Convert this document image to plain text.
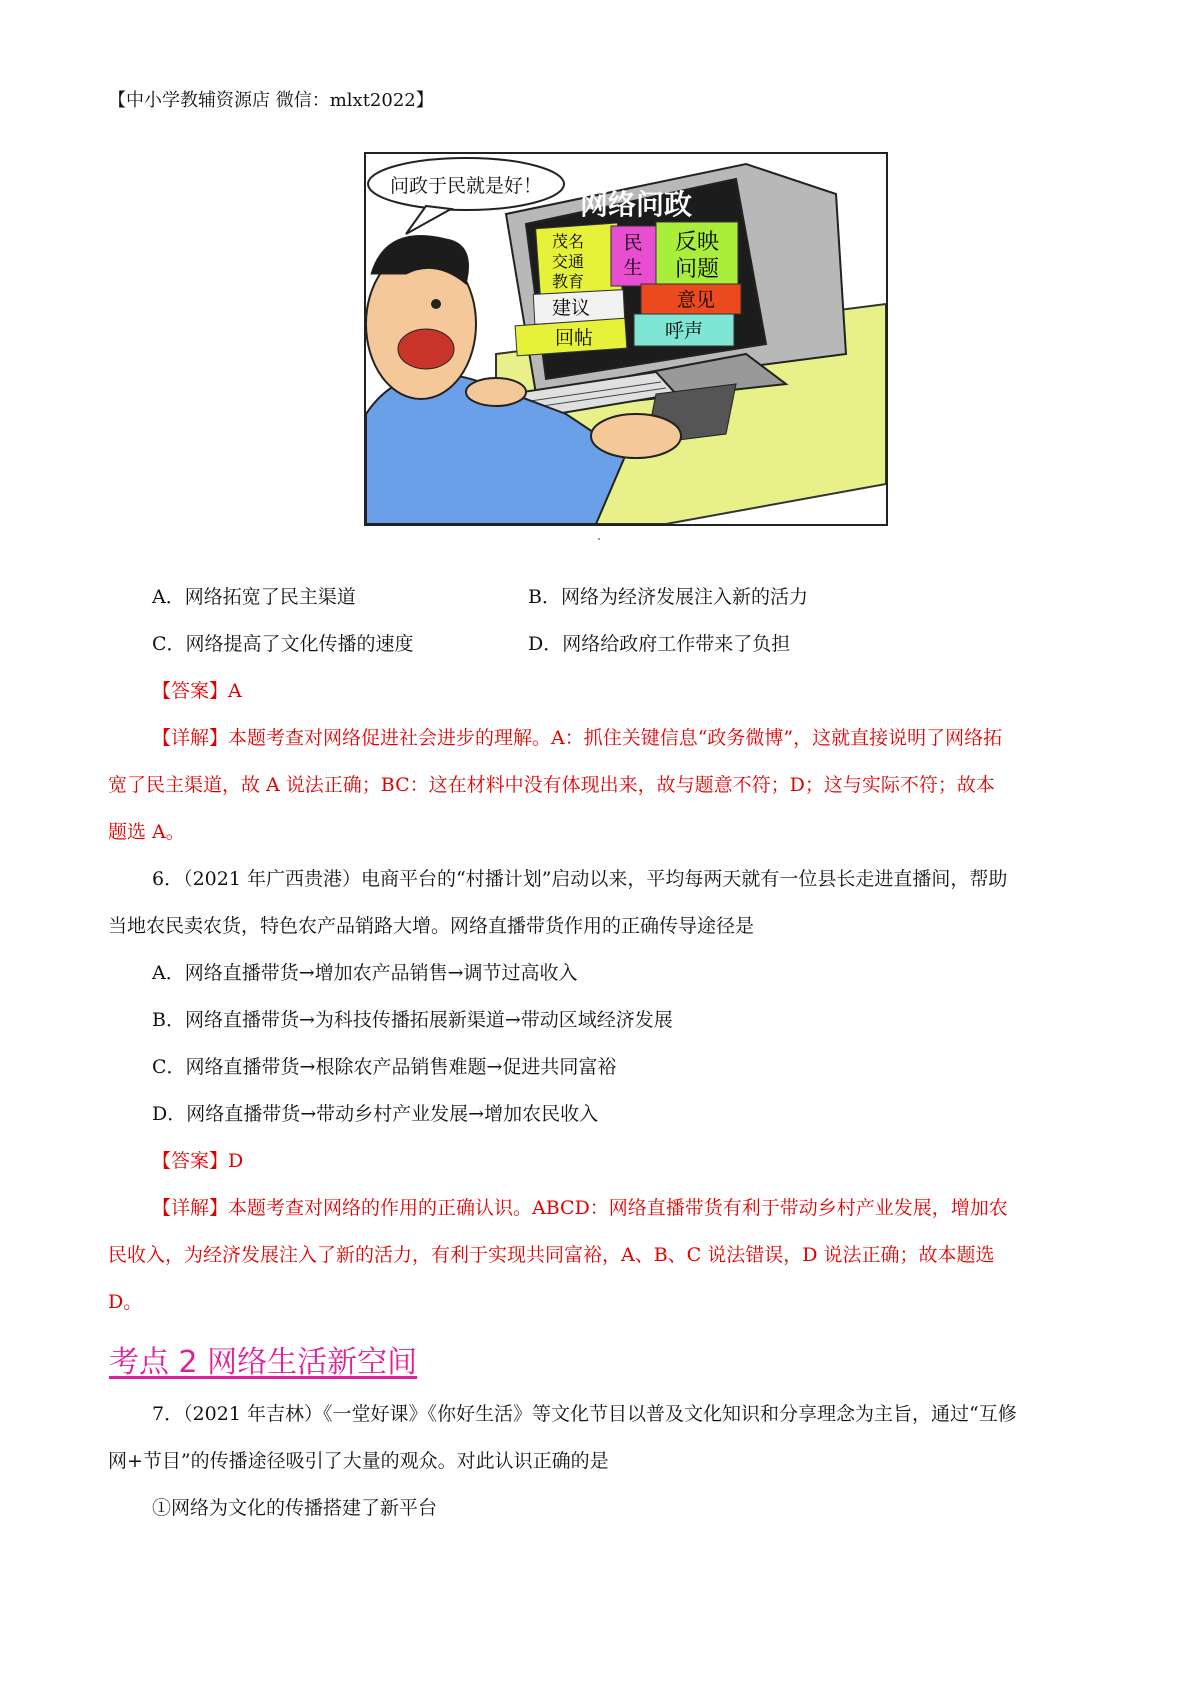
【中小学教辅资源店 微信：mlxt2022】
网络问政
茂名
交通
教育
民
生
反映
问题
建议	意见
回帖	呼声
问政于民就是好！
A．网络拓宽了民主渠道	B．网络为经济发展注入新的活力
C．网络提高了文化传播的速度	D．网络给政府工作带来了负担
【答案】A
【详解】本题考查对网络促进社会进步的理解。A：抓住关键信息“政务微博”，这就直接说明了网络拓
宽了民主渠道，故 A 说法正确；BC：这在材料中没有体现出来，故与题意不符；D；这与实际不符；故本
题选 A。
6．（2021 年广西贵港）电商平台的“村播计划”启动以来，平均每两天就有一位县长走进直播间，帮助
当地农民卖农货，特色农产品销路大增。网络直播带货作用的正确传导途径是
A．网络直播带货→增加农产品销售→调节过高收入
B．网络直播带货→为科技传播拓展新渠道→带动区域经济发展
C．网络直播带货→根除农产品销售难题→促进共同富裕
D．网络直播带货→带动乡村产业发展→增加农民收入
【答案】D
【详解】本题考查对网络的作用的正确认识。ABCD：网络直播带货有利于带动乡村产业发展，增加农
民收入，为经济发展注入了新的活力，有利于实现共同富裕，A、B、C 说法错误，D 说法正确；故本题选
D。
考点 2 网络生活新空间
7．（2021 年吉林）《一堂好课》《你好生活》等文化节目以普及文化知识和分享理念为主旨，通过“互修
网+节目”的传播途径吸引了大量的观众。对此认识正确的是
①网络为文化的传播搭建了新平台
